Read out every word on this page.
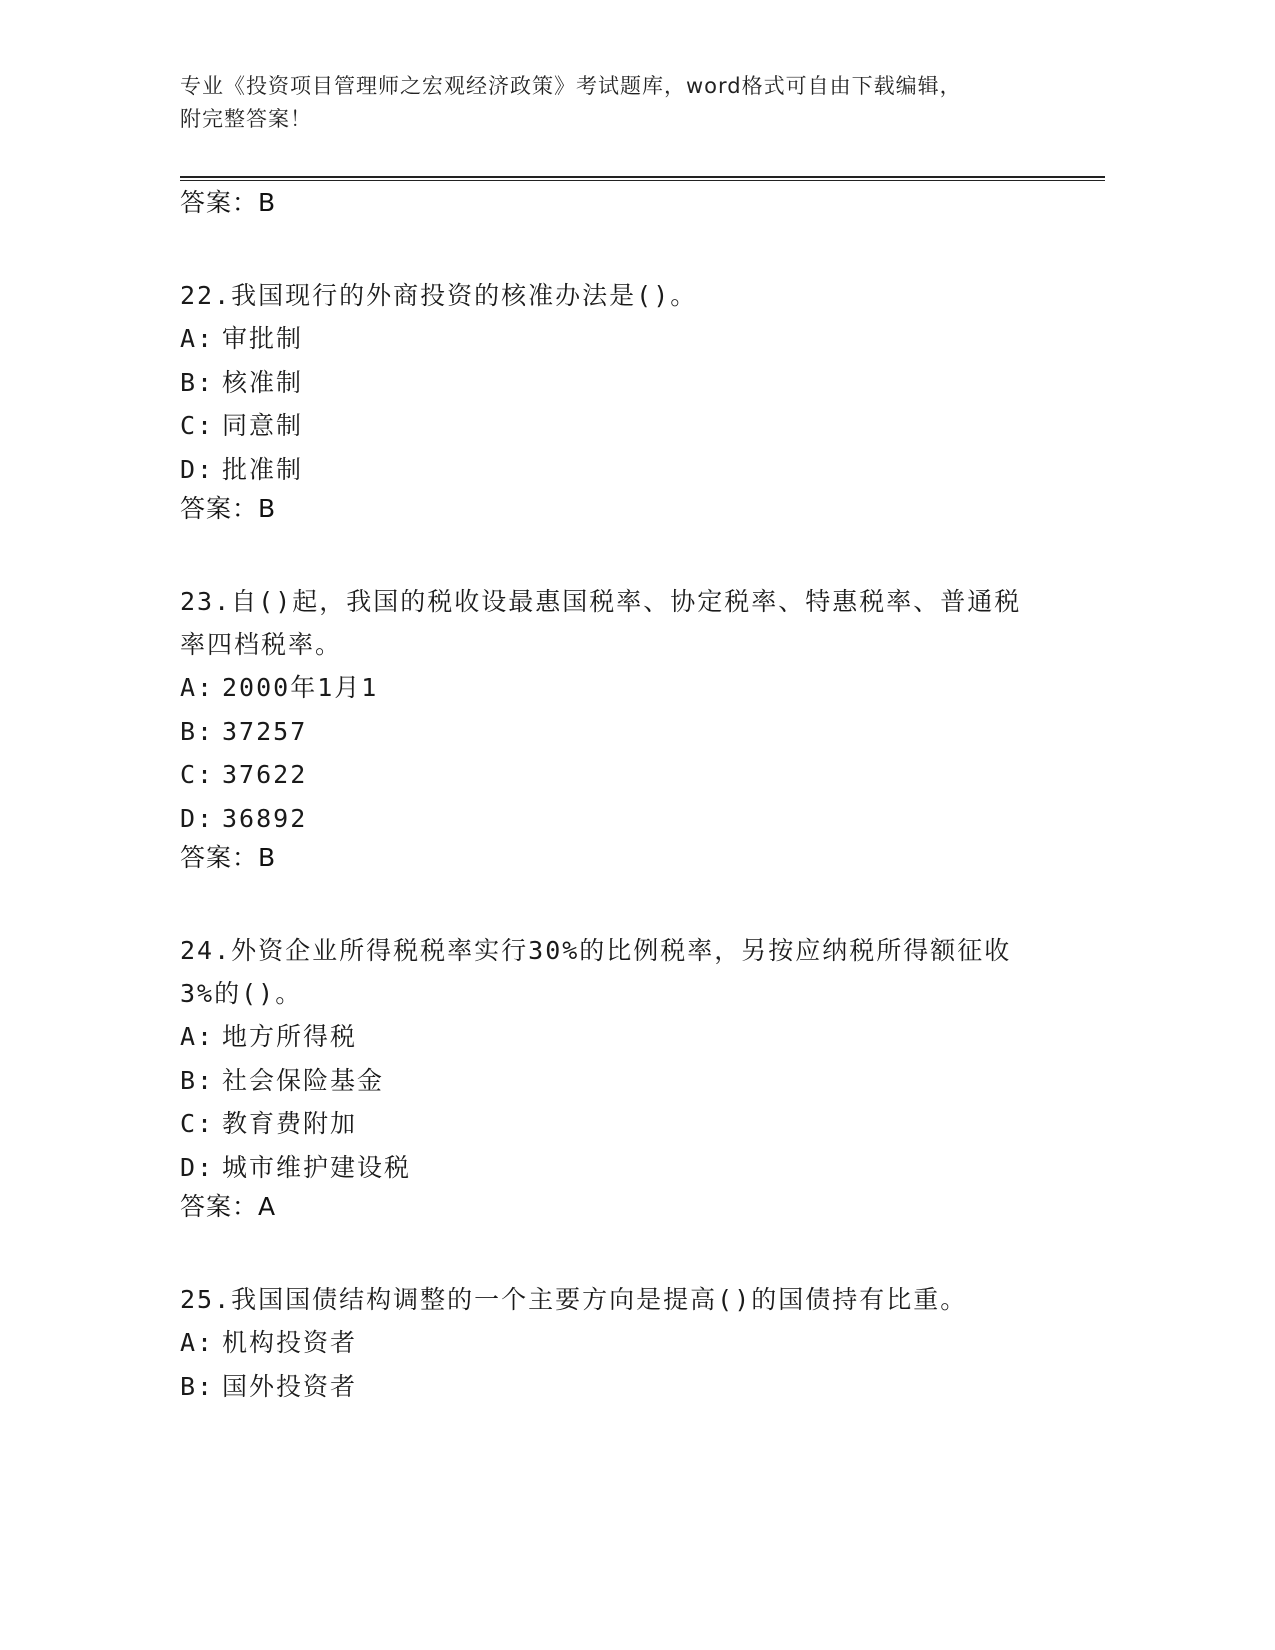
专业《投资项目管理师之宏观经济政策》考试题库，word格式可自由下载编辑，
附完整答案！
答案：B
22.我国现行的外商投资的核准办法是()。
A: 审批制
B: 核准制
C: 同意制
D: 批准制
答案：B
23.自()起，我国的税收设最惠国税率、协定税率、特惠税率、普通税率四档税率。
A: 2000年1月1
B: 37257
C: 37622
D: 36892
答案：B
24.外资企业所得税税率实行30%的比例税率，另按应纳税所得额征收3%的()。
A: 地方所得税
B: 社会保险基金
C: 教育费附加
D: 城市维护建设税
答案：A
25.我国国债结构调整的一个主要方向是提高()的国债持有比重。
A: 机构投资者
B: 国外投资者
